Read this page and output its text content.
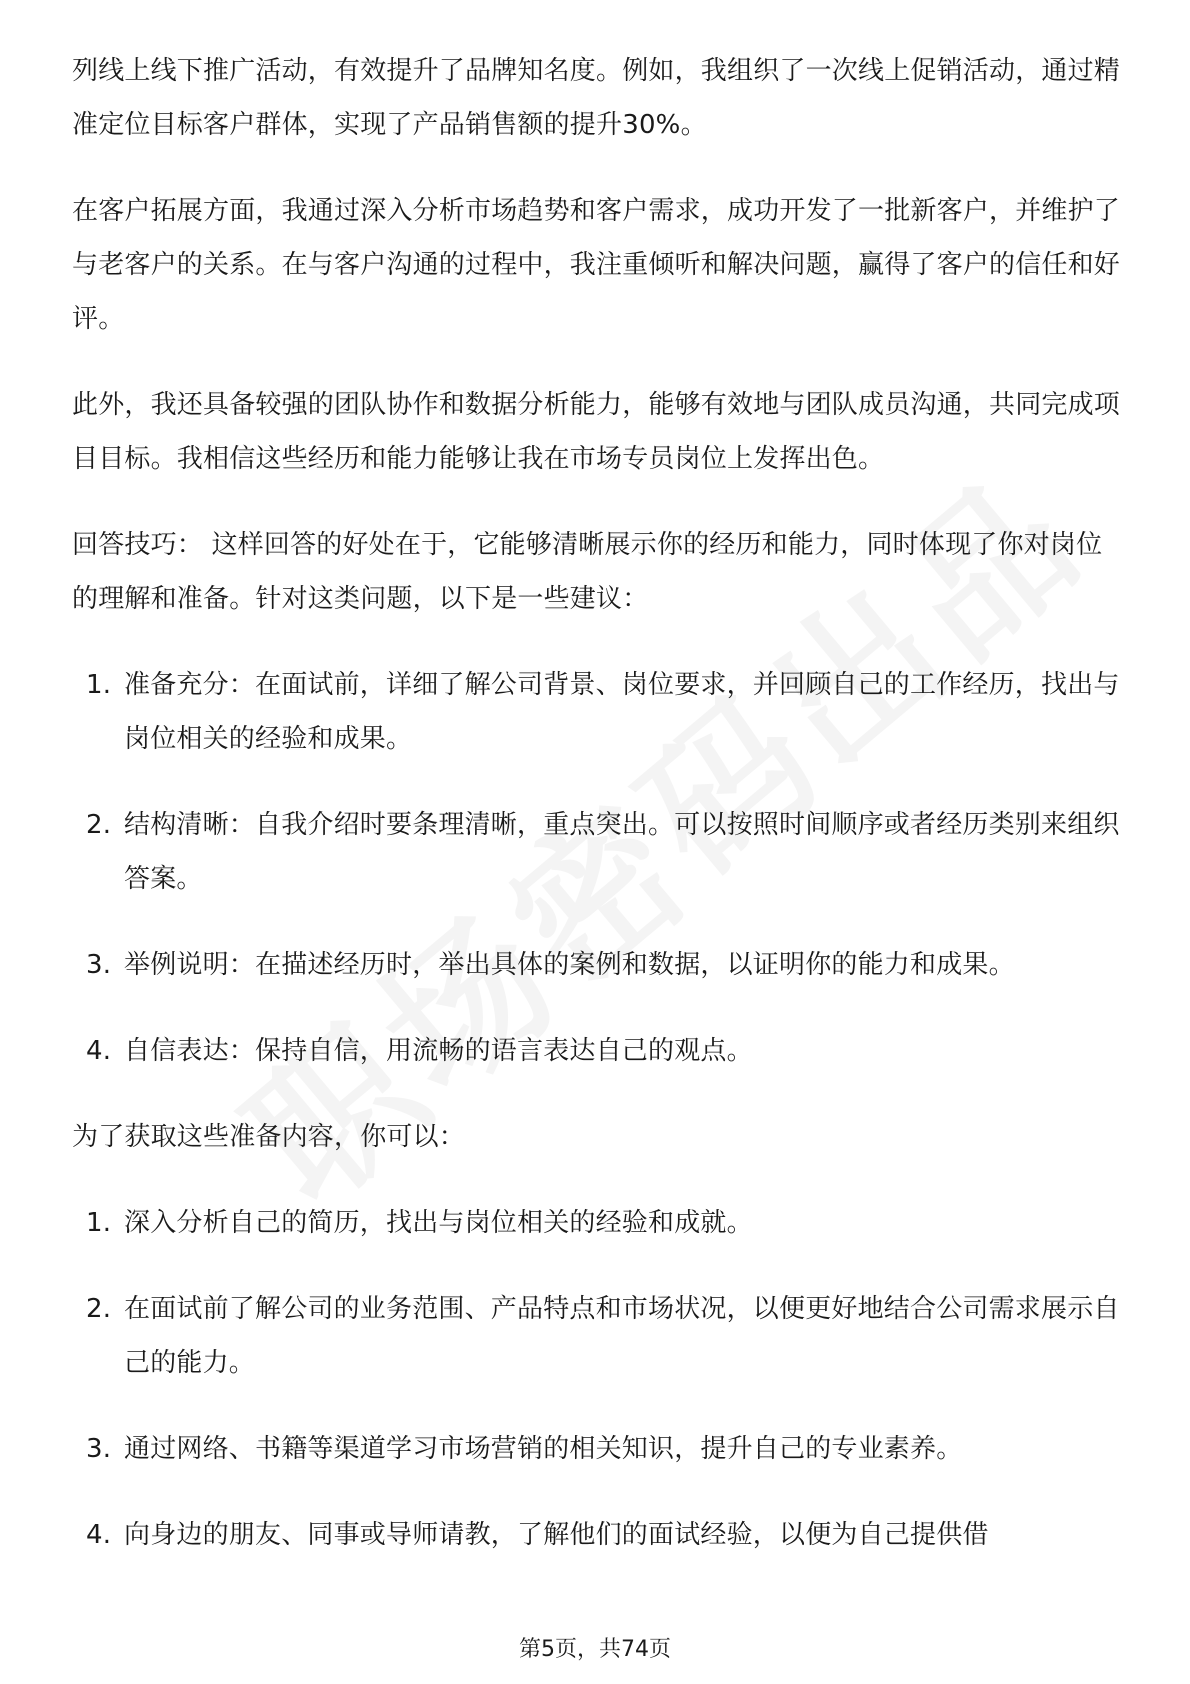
列线上线下推广活动，有效提升了品牌知名度。例如，我组织了一次线上促销活动，通过精准定位目标客户群体，实现了产品销售额的提升30%。

在客户拓展方面，我通过深入分析市场趋势和客户需求，成功开发了一批新客户，并维护了与老客户的关系。在与客户沟通的过程中，我注重倾听和解决问题，赢得了客户的信任和好评。

此外，我还具备较强的团队协作和数据分析能力，能够有效地与团队成员沟通，共同完成项目目标。我相信这些经历和能力能够让我在市场专员岗位上发挥出色。

回答技巧： 这样回答的好处在于，它能够清晰展示你的经历和能力，同时体现了你对岗位的理解和准备。针对这类问题，以下是一些建议：

1. 准备充分：在面试前，详细了解公司背景、岗位要求，并回顾自己的工作经历，找出与岗位相关的经验和成果。
2. 结构清晰：自我介绍时要条理清晰，重点突出。可以按照时间顺序或者经历类别来组织答案。
3. 举例说明：在描述经历时，举出具体的案例和数据，以证明你的能力和成果。
4. 自信表达：保持自信，用流畅的语言表达自己的观点。

为了获取这些准备内容，你可以：

1. 深入分析自己的简历，找出与岗位相关的经验和成就。
2. 在面试前了解公司的业务范围、产品特点和市场状况，以便更好地结合公司需求展示自己的能力。
3. 通过网络、书籍等渠道学习市场营销的相关知识，提升自己的专业素养。
4. 向身边的朋友、同事或导师请教，了解他们的面试经验，以便为自己提供借
第5页，共74页
